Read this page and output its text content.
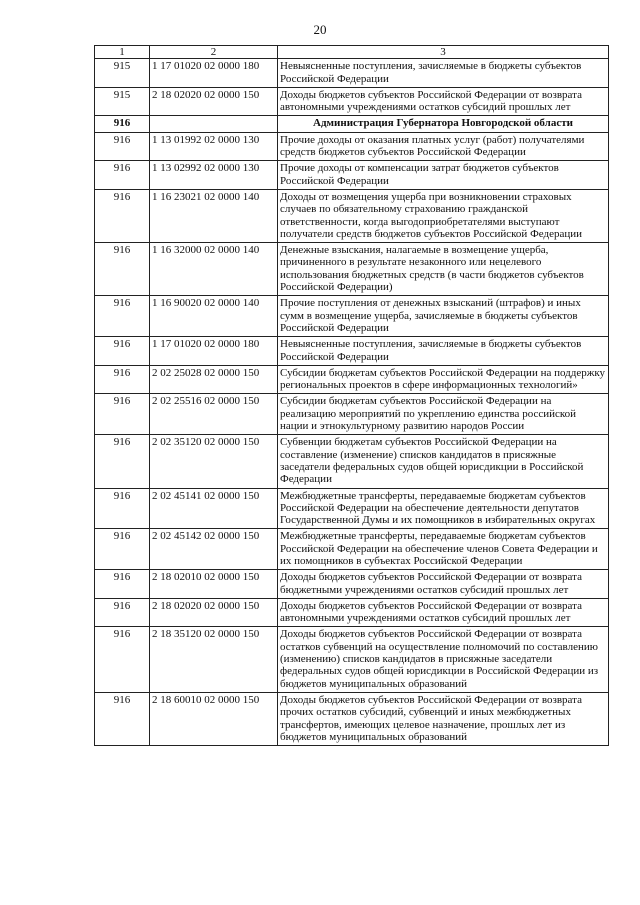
20
1	2	3
915	1 17 01020 02 0000 180	Невыясненные поступления, зачисляемые в бюджеты субъектов Российской Федерации
915	2 18 02020 02 0000 150	Доходы бюджетов субъектов Российской Федерации от возврата автономными учреждениями остатков субсидий прошлых лет
916		Администрация Губернатора Новгородской области
916	1 13 01992 02 0000 130	Прочие доходы от оказания платных услуг (работ) получателями средств бюджетов субъектов Российской Федерации
916	1 13 02992 02 0000 130	Прочие доходы от компенсации затрат бюджетов субъектов Российской Федерации
916	1 16 23021 02 0000 140	Доходы от возмещения ущерба при возникновении страховых случаев по обязательному страхованию гражданской ответственности, когда выгодоприобретателями выступают получатели средств бюджетов субъектов Российской Федерации
916	1 16 32000 02 0000 140	Денежные взыскания, налагаемые в возмещение ущерба, причиненного в результате незаконного или нецелевого использования бюджетных средств (в части бюджетов субъектов Российской Федерации)
916	1 16 90020 02 0000 140	Прочие поступления от денежных взысканий (штрафов) и иных сумм в возмещение ущерба, зачисляемые в бюджеты субъектов Российской Федерации
916	1 17 01020 02 0000 180	Невыясненные поступления, зачисляемые в бюджеты субъектов Российской Федерации
916	2 02 25028 02 0000 150	Субсидии бюджетам субъектов Российской Федерации на поддержку региональных проектов в сфере информационных технологий»
916	2 02 25516 02 0000 150	Субсидии бюджетам субъектов Российской Федерации на реализацию мероприятий по укреплению единства российской нации и этнокультурному развитию народов России
916	2 02 35120 02 0000 150	Субвенции бюджетам субъектов Российской Федерации на составление (изменение) списков кандидатов в присяжные заседатели федеральных судов общей юрисдикции в Российской Федерации
916	2 02 45141 02 0000 150	Межбюджетные трансферты, передаваемые бюджетам субъектов Российской Федерации на обеспечение деятельности депутатов Государственной Думы и их помощников в избирательных округах
916	2 02 45142 02 0000 150	Межбюджетные трансферты, передаваемые бюджетам субъектов Российской Федерации на обеспечение членов Совета Федерации и их помощников в субъектах Российской Федерации
916	2 18 02010 02 0000 150	Доходы бюджетов субъектов Российской Федерации от возврата бюджетными учреждениями остатков субсидий прошлых лет
916	2 18 02020 02 0000 150	Доходы бюджетов субъектов Российской Федерации от возврата автономными учреждениями остатков субсидий прошлых лет
916	2 18 35120 02 0000 150	Доходы бюджетов субъектов Российской Федерации от возврата остатков субвенций на осуществление полномочий по составлению (изменению) списков кандидатов в присяжные заседатели федеральных судов общей юрисдикции в Российской Федерации из бюджетов муниципальных образований
916	2 18 60010 02 0000 150	Доходы бюджетов субъектов Российской Федерации от возврата прочих остатков субсидий, субвенций и иных межбюджетных трансфертов, имеющих целевое назначение, прошлых лет из бюджетов муниципальных образований
